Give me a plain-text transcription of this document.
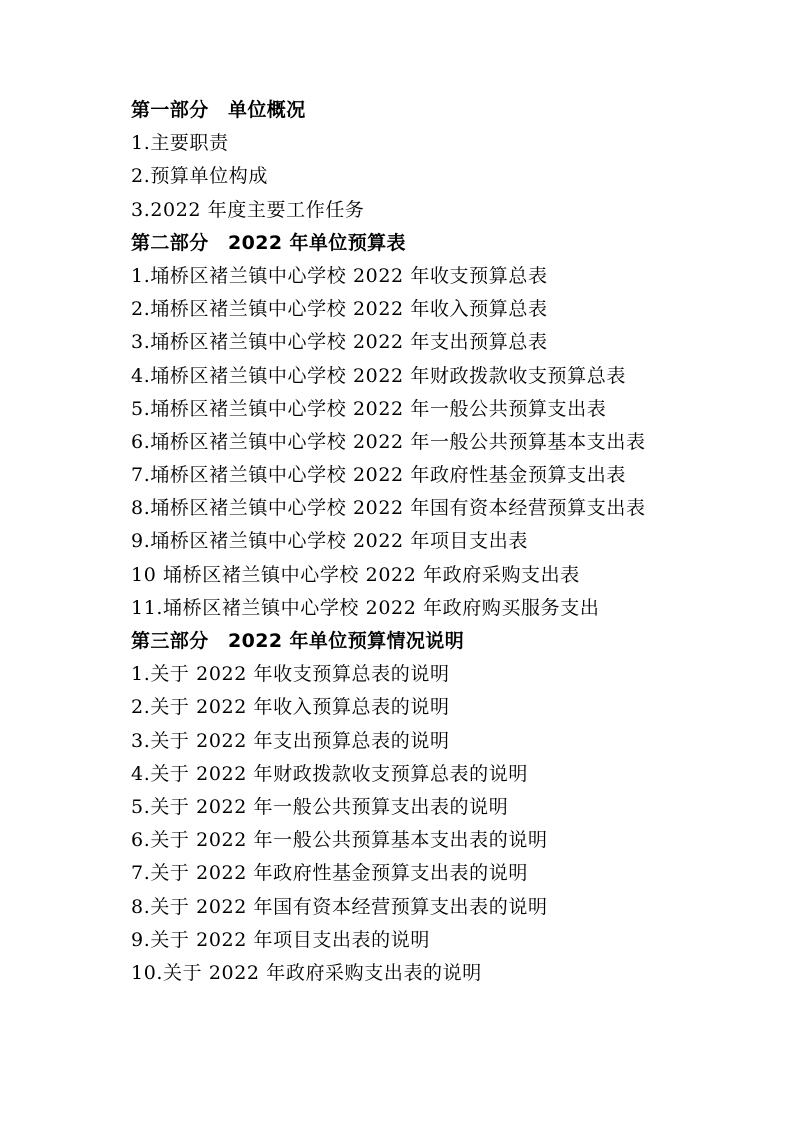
第一部分　单位概况
1.主要职责
2.预算单位构成
3.2022 年度主要工作任务
第二部分　2022 年单位预算表
1.埇桥区褚兰镇中心学校 2022 年收支预算总表
2.埇桥区褚兰镇中心学校 2022 年收入预算总表
3.埇桥区褚兰镇中心学校 2022 年支出预算总表
4.埇桥区褚兰镇中心学校 2022 年财政拨款收支预算总表
5.埇桥区褚兰镇中心学校 2022 年一般公共预算支出表
6.埇桥区褚兰镇中心学校 2022 年一般公共预算基本支出表
7.埇桥区褚兰镇中心学校 2022 年政府性基金预算支出表
8.埇桥区褚兰镇中心学校 2022 年国有资本经营预算支出表
9.埇桥区褚兰镇中心学校 2022 年项目支出表
10 埇桥区褚兰镇中心学校 2022 年政府采购支出表
11.埇桥区褚兰镇中心学校 2022 年政府购买服务支出
第三部分　2022 年单位预算情况说明
1.关于 2022 年收支预算总表的说明
2.关于 2022 年收入预算总表的说明
3.关于 2022 年支出预算总表的说明
4.关于 2022 年财政拨款收支预算总表的说明
5.关于 2022 年一般公共预算支出表的说明
6.关于 2022 年一般公共预算基本支出表的说明
7.关于 2022 年政府性基金预算支出表的说明
8.关于 2022 年国有资本经营预算支出表的说明
9.关于 2022 年项目支出表的说明
10.关于 2022 年政府采购支出表的说明
